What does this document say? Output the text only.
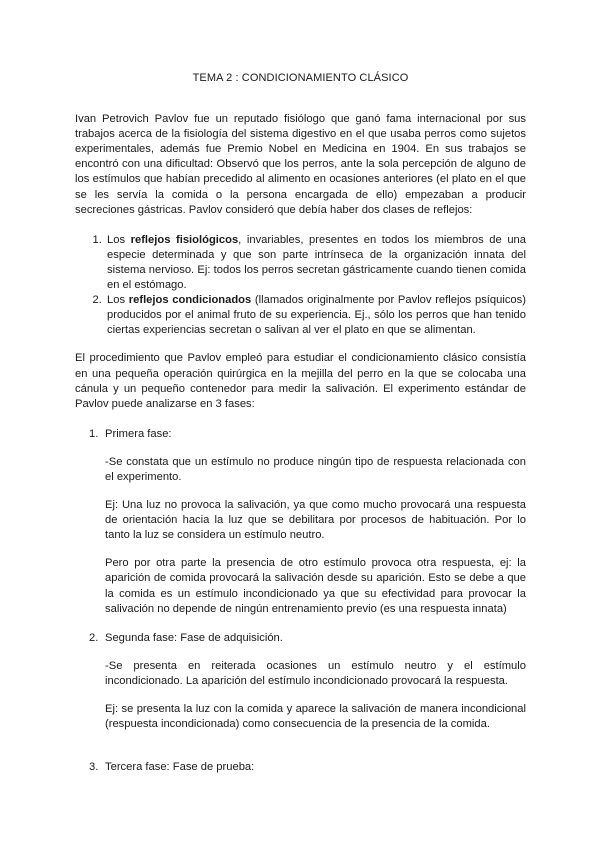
TEMA 2 : CONDICIONAMIENTO CLÁSICO

Ivan Petrovich Pavlov fue un reputado fisiólogo que ganó fama internacional por sus trabajos acerca de la fisiología del sistema digestivo en el que usaba perros como sujetos experimentales, además fue Premio Nobel en Medicina en 1904. En sus trabajos se encontró con una dificultad: Observó que los perros, ante la sola percepción de alguno de los estímulos que habían precedido al alimento en ocasiones anteriores (el plato en el que se les servía la comida o la persona encargada de ello) empezaban a producir secreciones gástricas. Pavlov consideró que debía haber dos clases de reflejos:

1. Los reflejos fisiológicos, invariables, presentes en todos los miembros de una especie determinada y que son parte intrínseca de la organización innata del sistema nervioso. Ej: todos los perros secretan gástricamente cuando tienen comida en el estómago.
2. Los reflejos condicionados (llamados originalmente por Pavlov reflejos psíquicos) producidos por el animal fruto de su experiencia. Ej., sólo los perros que han tenido ciertas experiencias secretan o salivan al ver el plato en que se alimentan.

El procedimiento que Pavlov empleó para estudiar el condicionamiento clásico consistía en una pequeña operación quirúrgica en la mejilla del perro en la que se colocaba una cánula y un pequeño contenedor para medir la salivación. El experimento estándar de Pavlov puede analizarse en 3 fases:

1. Primera fase:

-Se constata que un estímulo no produce ningún tipo de respuesta relacionada con el experimento.

Ej: Una luz no provoca la salivación, ya que como mucho provocará una respuesta de orientación hacia la luz que se debilitara por procesos de habituación. Por lo tanto la luz se considera un estímulo neutro.

Pero por otra parte la presencia de otro estímulo provoca otra respuesta, ej: la aparición de comida provocará la salivación desde su aparición. Esto se debe a que la comida es un estímulo incondicionado ya que su efectividad para provocar la salivación no depende de ningún entrenamiento previo (es una respuesta innata)

2. Segunda fase: Fase de adquisición.

-Se presenta en reiterada ocasiones un estímulo neutro y el estímulo incondicionado. La aparición del estímulo incondicionado provocará la respuesta.

Ej: se presenta la luz con la comida y aparece la salivación de manera incondicional (respuesta incondicionada) como consecuencia de la presencia de la comida.

3. Tercera fase: Fase de prueba:
